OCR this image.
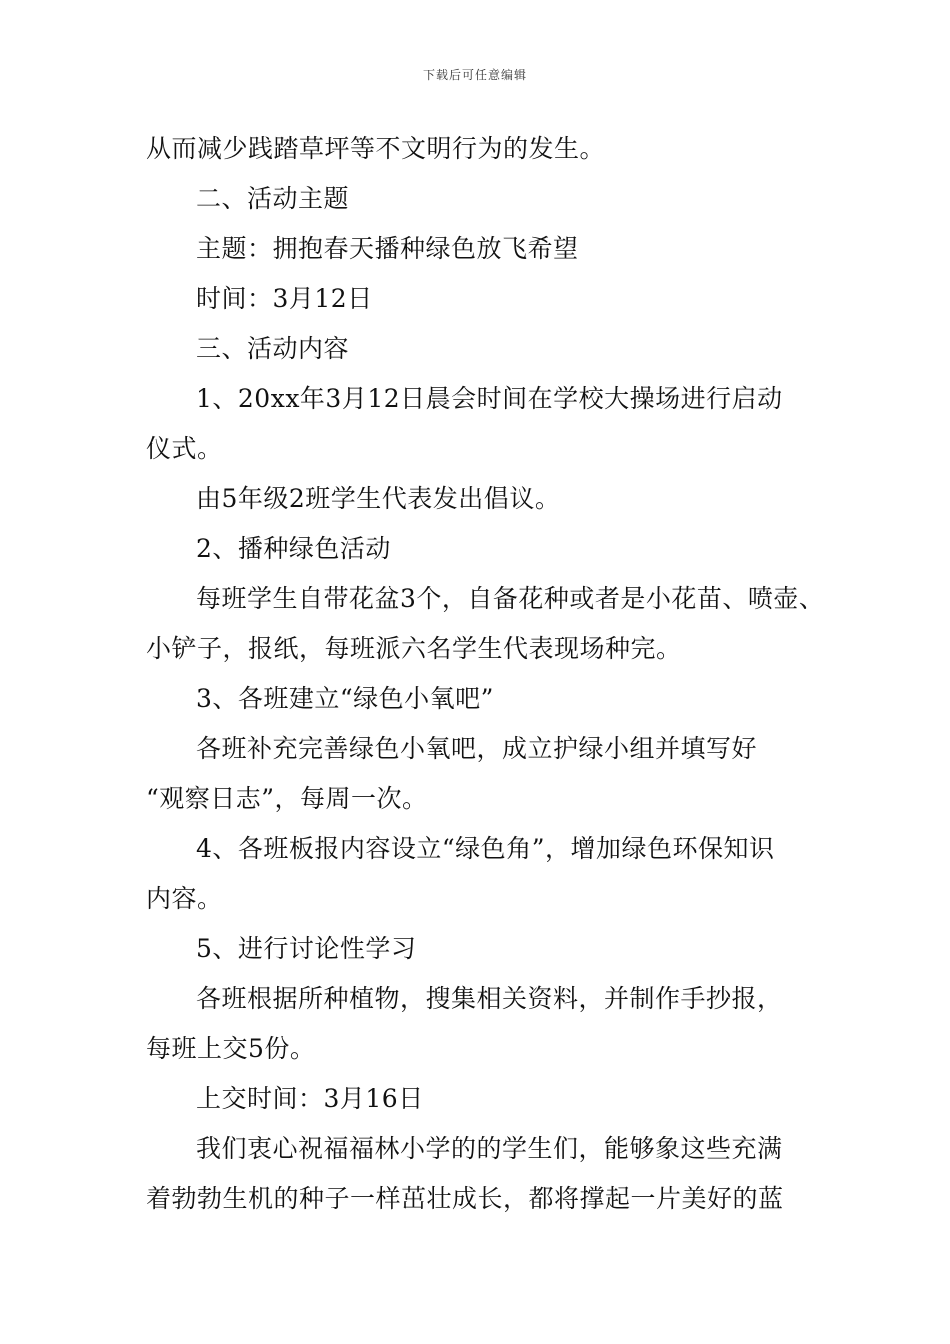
下载后可任意编辑
从而减少践踏草坪等不文明行为的发生。
二、活动主题
主题：拥抱春天播种绿色放飞希望
时间：3月12日
三、活动内容
1、20xx年3月12日晨会时间在学校大操场进行启动
仪式。
由5年级2班学生代表发出倡议。
2、播种绿色活动
每班学生自带花盆3个，自备花种或者是小花苗、喷壶、
小铲子，报纸，每班派六名学生代表现场种完。
3、各班建立“绿色小氧吧”
各班补充完善绿色小氧吧，成立护绿小组并填写好
“观察日志”，每周一次。
4、各班板报内容设立“绿色角”，增加绿色环保知识
内容。
5、进行讨论性学习
各班根据所种植物，搜集相关资料，并制作手抄报，
每班上交5份。
上交时间：3月16日
我们衷心祝福福林小学的的学生们，能够象这些充满
着勃勃生机的种子一样茁壮成长，都将撑起一片美好的蓝
